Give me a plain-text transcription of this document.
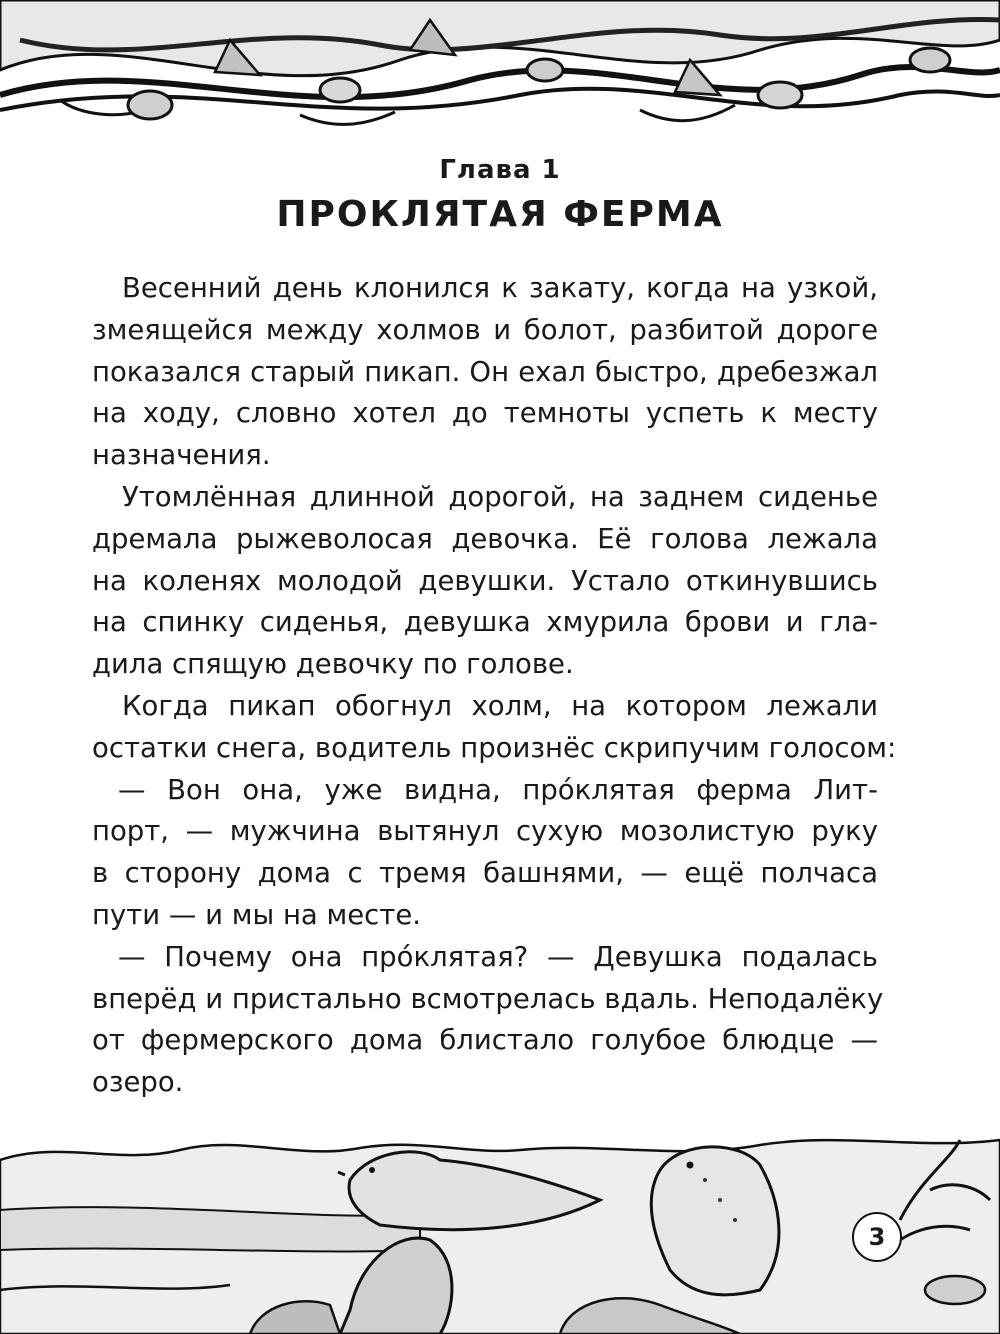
Глава 1
ПРОКЛЯТАЯ ФЕРМА
Весенний день клонился к закату, когда на узкой,
змеящейся между холмов и болот, разбитой дороге
показался старый пикап. Он ехал быстро, дребезжал
на ходу, словно хотел до темноты успеть к месту
назначения.
Утомлённая длинной дорогой, на заднем сиденье
дремала рыжеволосая девочка. Её голова лежала
на коленях молодой девушки. Устало откинувшись
на спинку сиденья, девушка хмурила брови и гла-
дила спящую девочку по голове.
Когда пикап обогнул холм, на котором лежали
остатки снега, водитель произнёс скрипучим голосом:
— Вон она, уже видна, про́клятая ферма Лит-
порт, — мужчина вытянул сухую мозолистую руку
в сторону дома с тремя башнями, — ещё полчаса
пути — и мы на месте.
— Почему она про́клятая? — Девушка подалась
вперёд и пристально всмотрелась вдаль. Неподалёку
от фермерского дома блистало голубое блюдце —
озеро.
3
